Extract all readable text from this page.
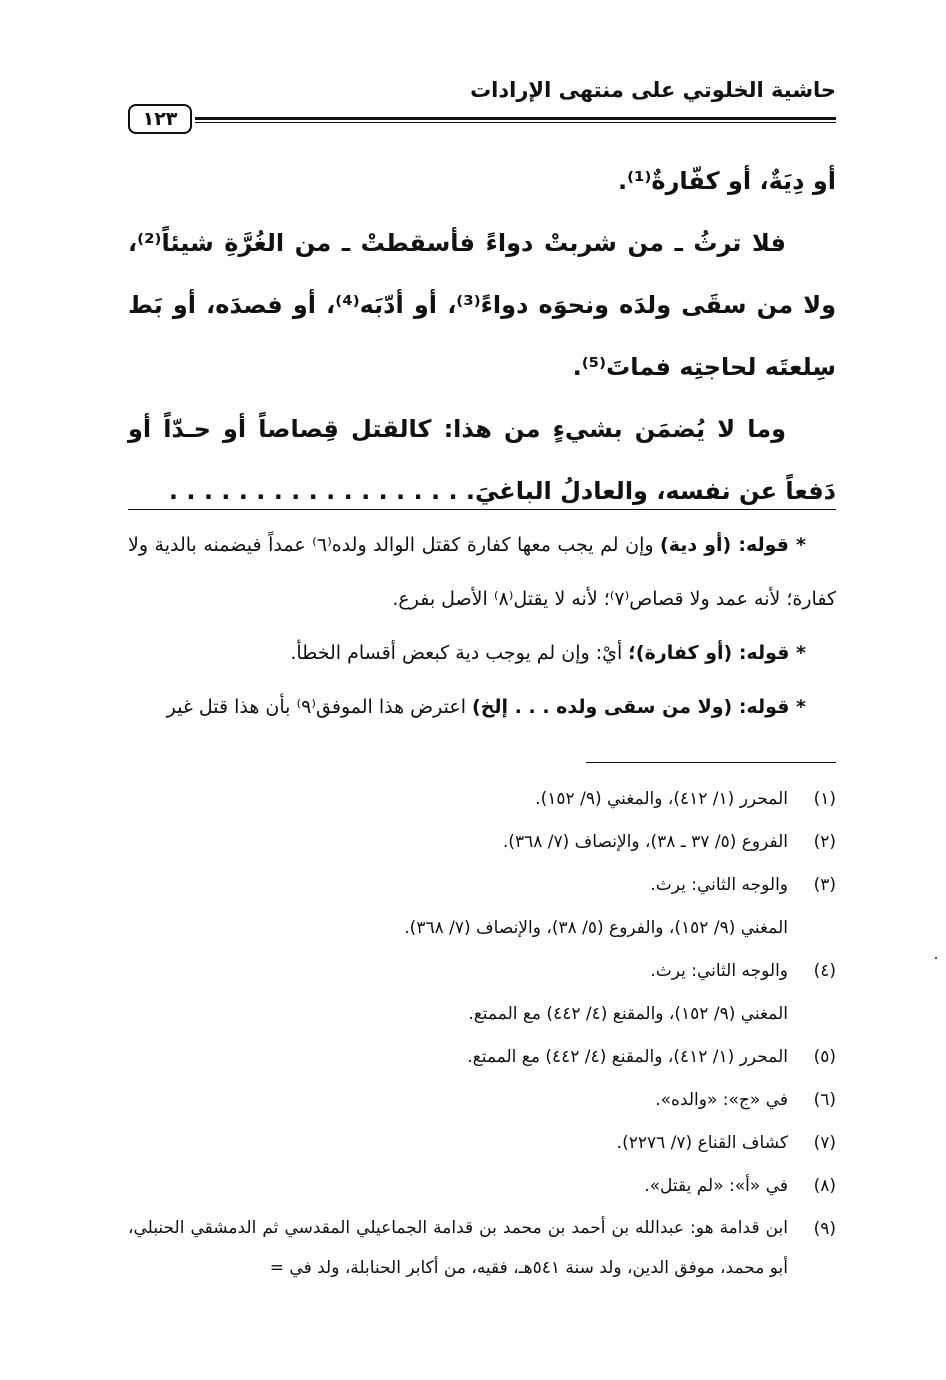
حاشية الخلوتي على منتهى الإرادات
١٢٣

أو دِيَةٌ، أو كفّارةٌ⁽¹⁾.

فلا ترثُ ـ من شربتْ دواءً فأسقطتْ ـ من الغُرَّةِ شيئاً⁽²⁾، ولا من سقَى ولدَه ونحوَه دواءً⁽³⁾، أو أدّبَه⁽⁴⁾، أو فصدَه، أو بَط سِلعتَه لحاجتِه فماتَ⁽⁵⁾.

وما لا يُضمَن بشيءٍ من هذا: كالقتل قِصاصاً أو حـدّاً أو دَفعاً عن نفسه، والعادلُ الباغيَ. . . . . . . . . . . . . . . . . .

* قوله: (أو دية) وإن لم يجب معها كفارة كقتل الوالد ولده⁽٦⁾ عمداً فيضمنه بالدية ولا كفارة؛ لأنه عمد ولا قصاص⁽٧⁾؛ لأنه لا يقتل⁽٨⁾ الأصل بفرع.

* قوله: (أو كفارة)؛ أيْ: وإن لم يوجب دية كبعض أقسام الخطأ.

* قوله: (ولا من سقى ولده . . . إلخ) اعترض هذا الموفق⁽٩⁾ بأن هذا قتل غير

(١)
المحرر (١/ ٤١٢)، والمغني (٩/ ١٥٢).
(٢)
الفروع (٥/ ٣٧ ـ ٣٨)، والإنصاف (٧/ ٣٦٨).
(٣)
والوجه الثاني: يرث.
المغني (٩/ ١٥٢)، والفروع (٥/ ٣٨)، والإنصاف (٧/ ٣٦٨).
(٤)
والوجه الثاني: يرث.
المغني (٩/ ١٥٢)، والمقنع (٤/ ٤٤٢) مع الممتع.
(٥)
المحرر (١/ ٤١٢)، والمقنع (٤/ ٤٤٢) مع الممتع.
(٦)
في «ج»: «والده».
(٧)
كشاف القناع (٧/ ٢٢٧٦).
(٨)
في «أ»: «لم يقتل».
(٩)
ابن قدامة هو: عبدالله بن أحمد بن محمد بن قدامة الجماعيلي المقدسي ثم الدمشقي الحنبلي، أبو محمد، موفق الدين، ولد سنة ٥٤١هـ، فقيه، من أكابر الحنابلة، ولد في =
